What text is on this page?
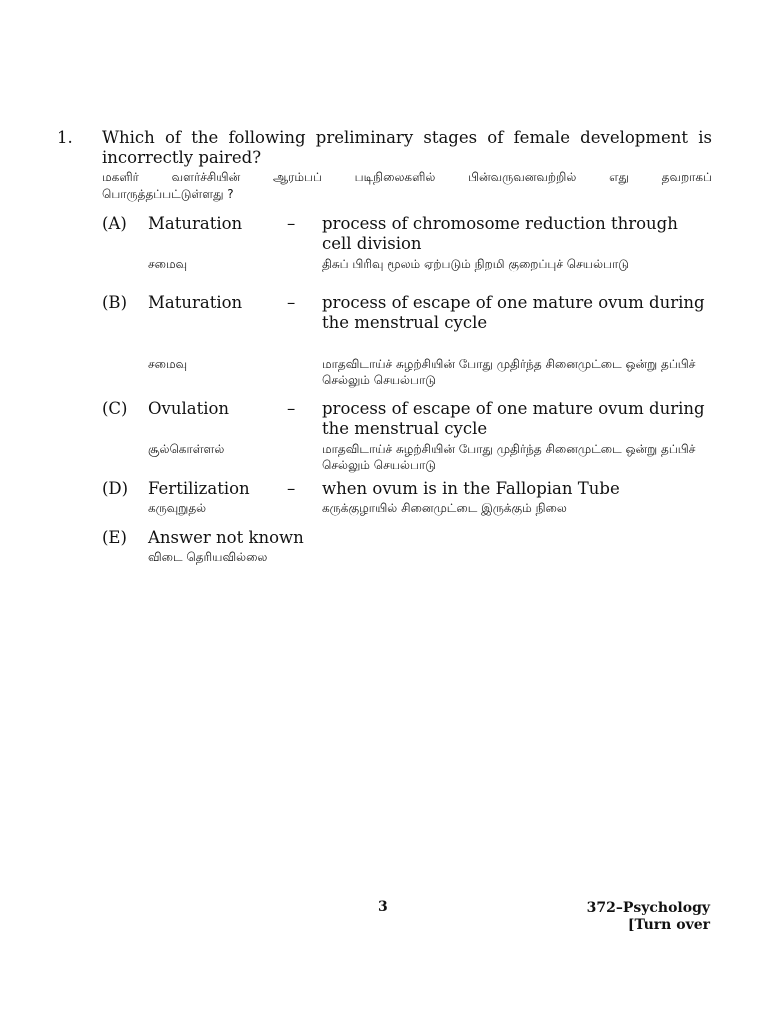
1. Which of the following preliminary stages of female development is
incorrectly paired?
மகளிர் வளர்ச்சியின் ஆரம்பப் படிநிலைகளில் பின்வருவனவற்றில் எது தவறாகப்
பொருத்தப்பட்டுள்ளது ?
(A) Maturation	– process of chromosome reduction through cell division
சமைவு	திசுப் பிரிவு மூலம் ஏற்படும் நிறமி குறைப்புச் செயல்பாடு
(B) Maturation	– process of escape of one mature ovum during the menstrual cycle
சமைவு	மாதவிடாய்ச் சுழற்சியின் போது முதிர்ந்த சினைமுட்டை ஒன்று தப்பிச் செல்லும் செயல்பாடு
(C) Ovulation	– process of escape of one mature ovum during the menstrual cycle
சூல்கொள்ளல்	மாதவிடாய்ச் சுழற்சியின் போது முதிர்ந்த சினைமுட்டை ஒன்று தப்பிச் செல்லும் செயல்பாடு
(D) Fertilization – when ovum is in the Fallopian Tube
கருவுறுதல்	கருக்குழாயில் சினைமுட்டை இருக்கும் நிலை
(E) Answer not known
விடை தெரியவில்லை
3	372–Psychology
[Turn over
